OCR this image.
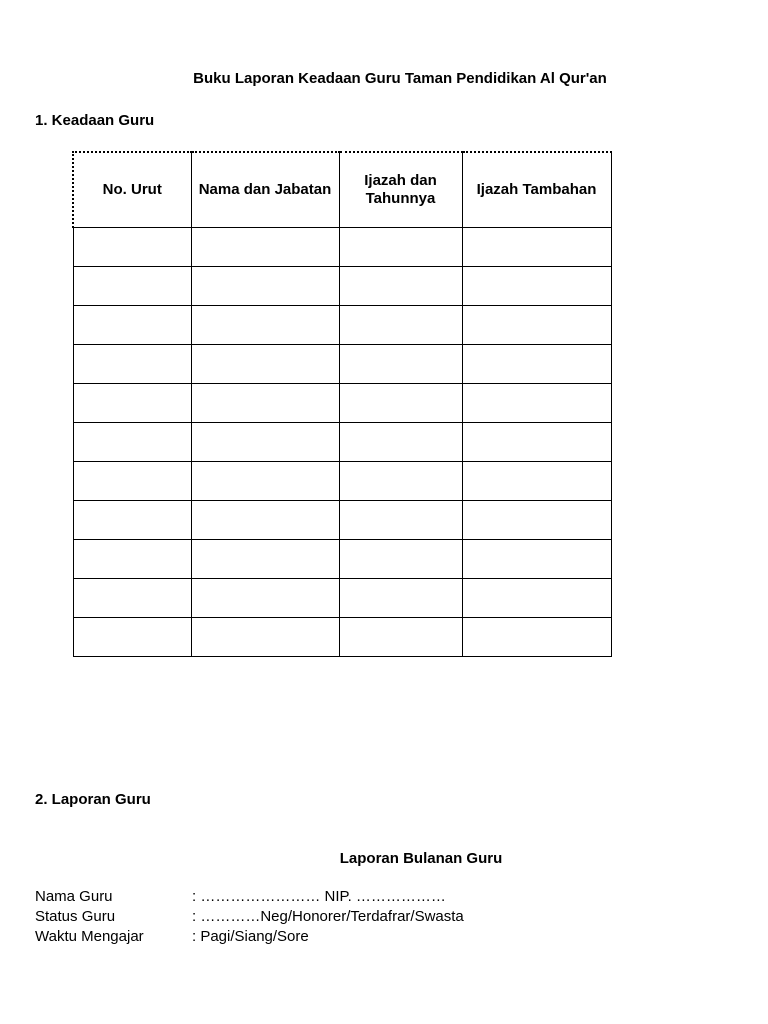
Buku Laporan Keadaan Guru Taman Pendidikan Al Qur'an
1. Keadaan Guru
No. Urut	Nama dan Jabatan	Ijazah dan Tahunnya	Ijazah Tambahan

2. Laporan Guru
Laporan Bulanan Guru
Nama Guru	: …………………… NIP. ………………
Status Guru	: …………Neg/Honorer/Terdafrar/Swasta
Waktu Mengajar	: Pagi/Siang/Sore
